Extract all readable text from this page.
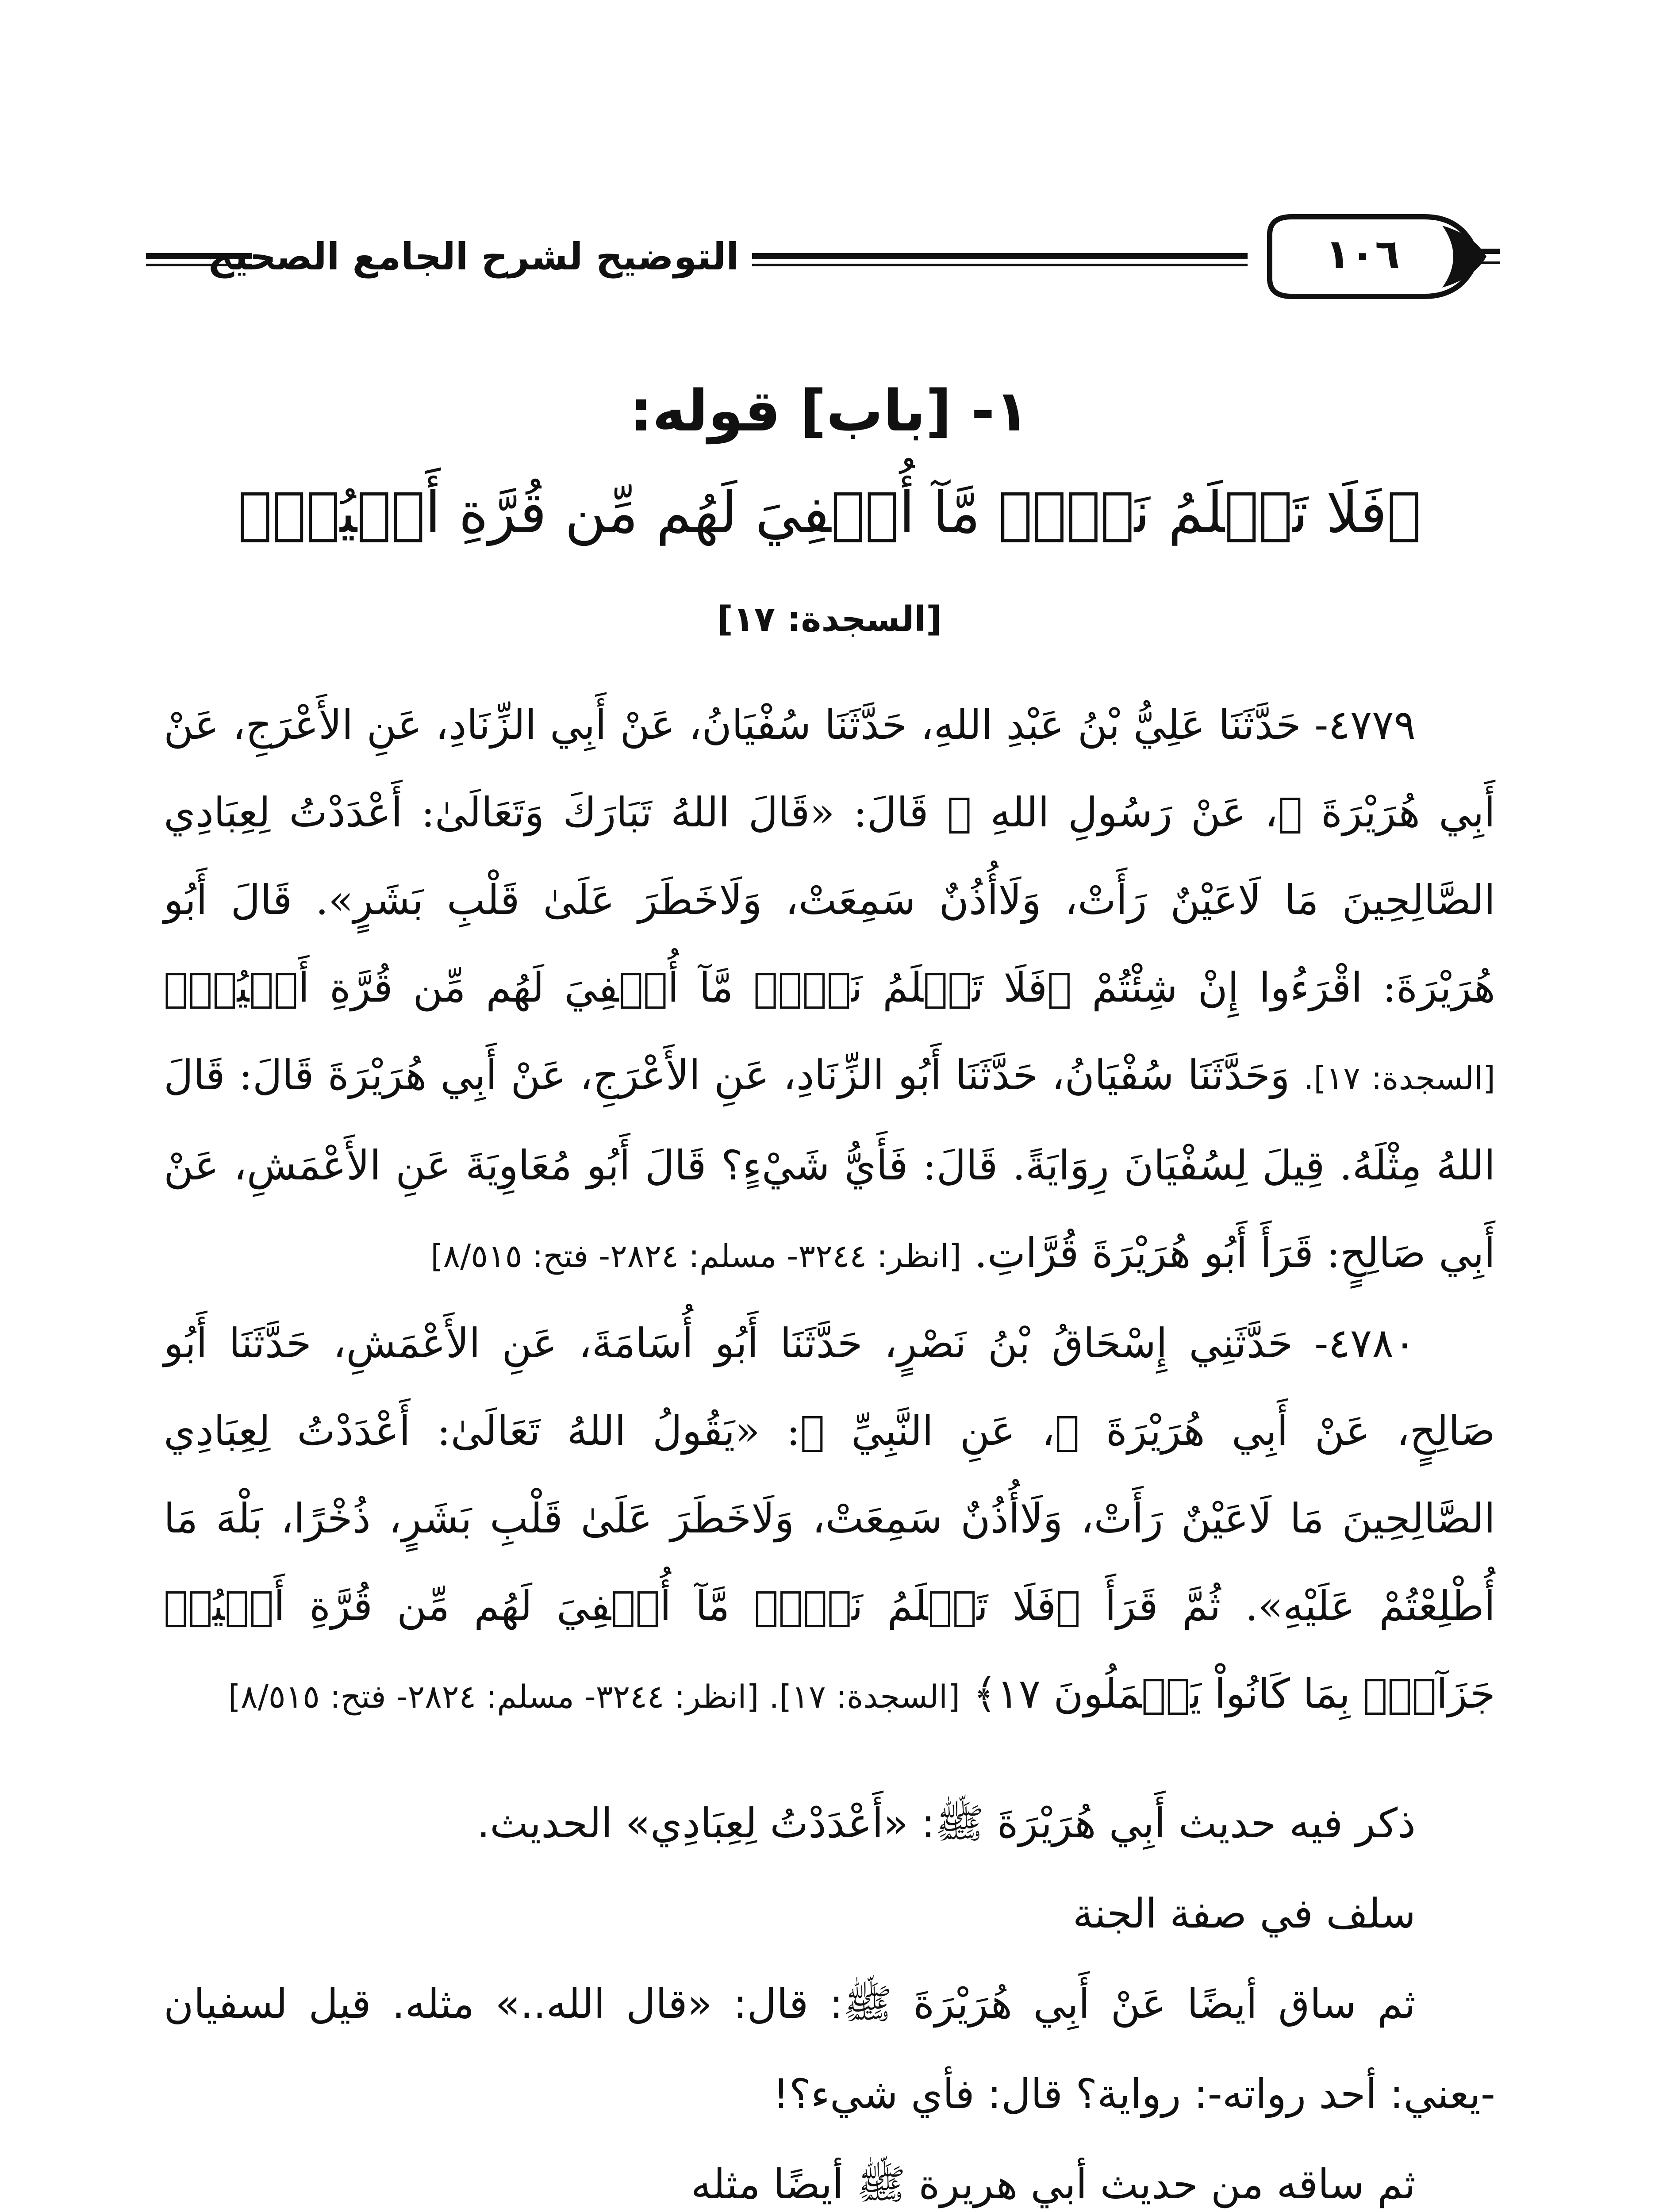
التوضيح لشرح الجامع الصحيح	١٠٦
١- [باب] قوله:
﴿فَلَا تَعۡلَمُ نَفۡسٞ مَّآ أُخۡفِيَ لَهُم مِّن قُرَّةِ أَعۡيُنٖ﴾
[السجدة: ١٧]

٤٧٧٩- حَدَّثَنَا عَلِيُّ بْنُ عَبْدِ اللهِ، حَدَّثَنَا سُفْيَانُ، عَنْ أَبِي الزِّنَادِ، عَنِ الأَعْرَجِ، عَنْ أَبِي هُرَيْرَةَ ﷺ، عَنْ رَسُولِ اللهِ ﷺ قَالَ: «قَالَ اللهُ تَبَارَكَ وَتَعَالَىٰ: أَعْدَدْتُ لِعِبَادِي الصَّالِحِينَ مَا لَاعَيْنٌ رَأَتْ، وَلَاأُذُنٌ سَمِعَتْ، وَلَاخَطَرَ عَلَىٰ قَلْبِ بَشَرٍ». قَالَ أَبُو هُرَيْرَةَ: اقْرَءُوا إِنْ شِئْتُمْ ﴿فَلَا تَعۡلَمُ نَفۡسٞ مَّآ أُخۡفِيَ لَهُم مِّن قُرَّةِ أَعۡيُنٖ﴾ [السجدة: ١٧]. وَحَدَّثَنَا سُفْيَانُ، حَدَّثَنَا أَبُو الزِّنَادِ، عَنِ الأَعْرَجِ، عَنْ أَبِي هُرَيْرَةَ قَالَ: قَالَ اللهُ مِثْلَهُ. قِيلَ لِسُفْيَانَ رِوَايَةً. قَالَ: فَأَيُّ شَيْءٍ؟ قَالَ أَبُو مُعَاوِيَةَ عَنِ الأَعْمَشِ، عَنْ أَبِي صَالِحٍ: قَرَأَ أَبُو هُرَيْرَةَ قُرَّاتِ. [انظر: ٣٢٤٤- مسلم: ٢٨٢٤- فتح: ٨/٥١٥]

٤٧٨٠- حَدَّثَنِي إِسْحَاقُ بْنُ نَصْرٍ، حَدَّثَنَا أَبُو أُسَامَةَ، عَنِ الأَعْمَشِ، حَدَّثَنَا أَبُو صَالِحٍ، عَنْ أَبِي هُرَيْرَةَ ﷺ، عَنِ النَّبِيِّ ﷺ: «يَقُولُ اللهُ تَعَالَىٰ: أَعْدَدْتُ لِعِبَادِي الصَّالِحِينَ مَا لَاعَيْنٌ رَأَتْ، وَلَاأُذُنٌ سَمِعَتْ، وَلَاخَطَرَ عَلَىٰ قَلْبِ بَشَرٍ، ذُخْرًا، بَلْهَ مَا أُطْلِعْتُمْ عَلَيْهِ». ثُمَّ قَرَأَ ﴿فَلَا تَعۡلَمُ نَفۡسٞ مَّآ أُخۡفِيَ لَهُم مِّن قُرَّةِ أَعۡيُنٖ جَزَآءَۢ بِمَا كَانُواْ يَعۡمَلُونَ ١٧﴾ [السجدة: ١٧]. [انظر: ٣٢٤٤- مسلم: ٢٨٢٤- فتح: ٨/٥١٥]

ذكر فيه حديث أَبِي هُرَيْرَةَ ﷺ: «أَعْدَدْتُ لِعِبَادِي» الحديث.

سلف في صفة الجنة

ثم ساق أيضًا عَنْ أَبِي هُرَيْرَةَ ﷺ: قال: «قال الله..» مثله. قيل لسفيان -يعني: أحد رواته-: رواية؟ قال: فأي شيء؟!

ثم ساقه من حديث أبي هريرة ﷺ أيضًا مثله
